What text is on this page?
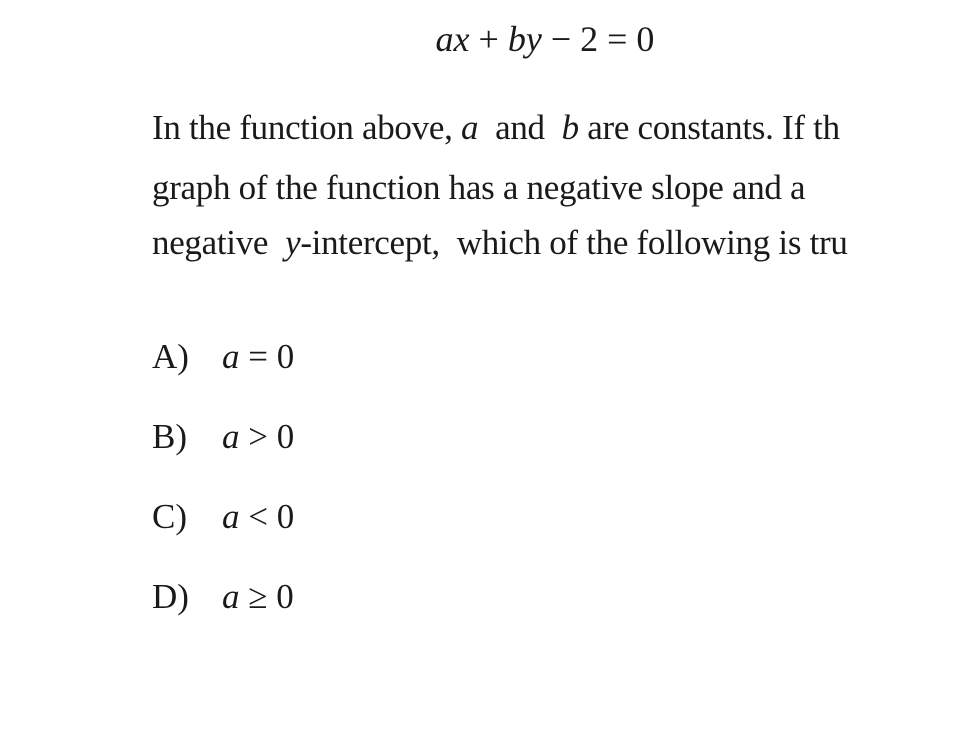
ax + by − 2 = 0
In the function above, a  and  b are constants. If th
graph of the function has a negative slope and a
negative  y-intercept,  which of the following is tru
A) a = 0
B) a > 0
C) a < 0
D) a ≥ 0
